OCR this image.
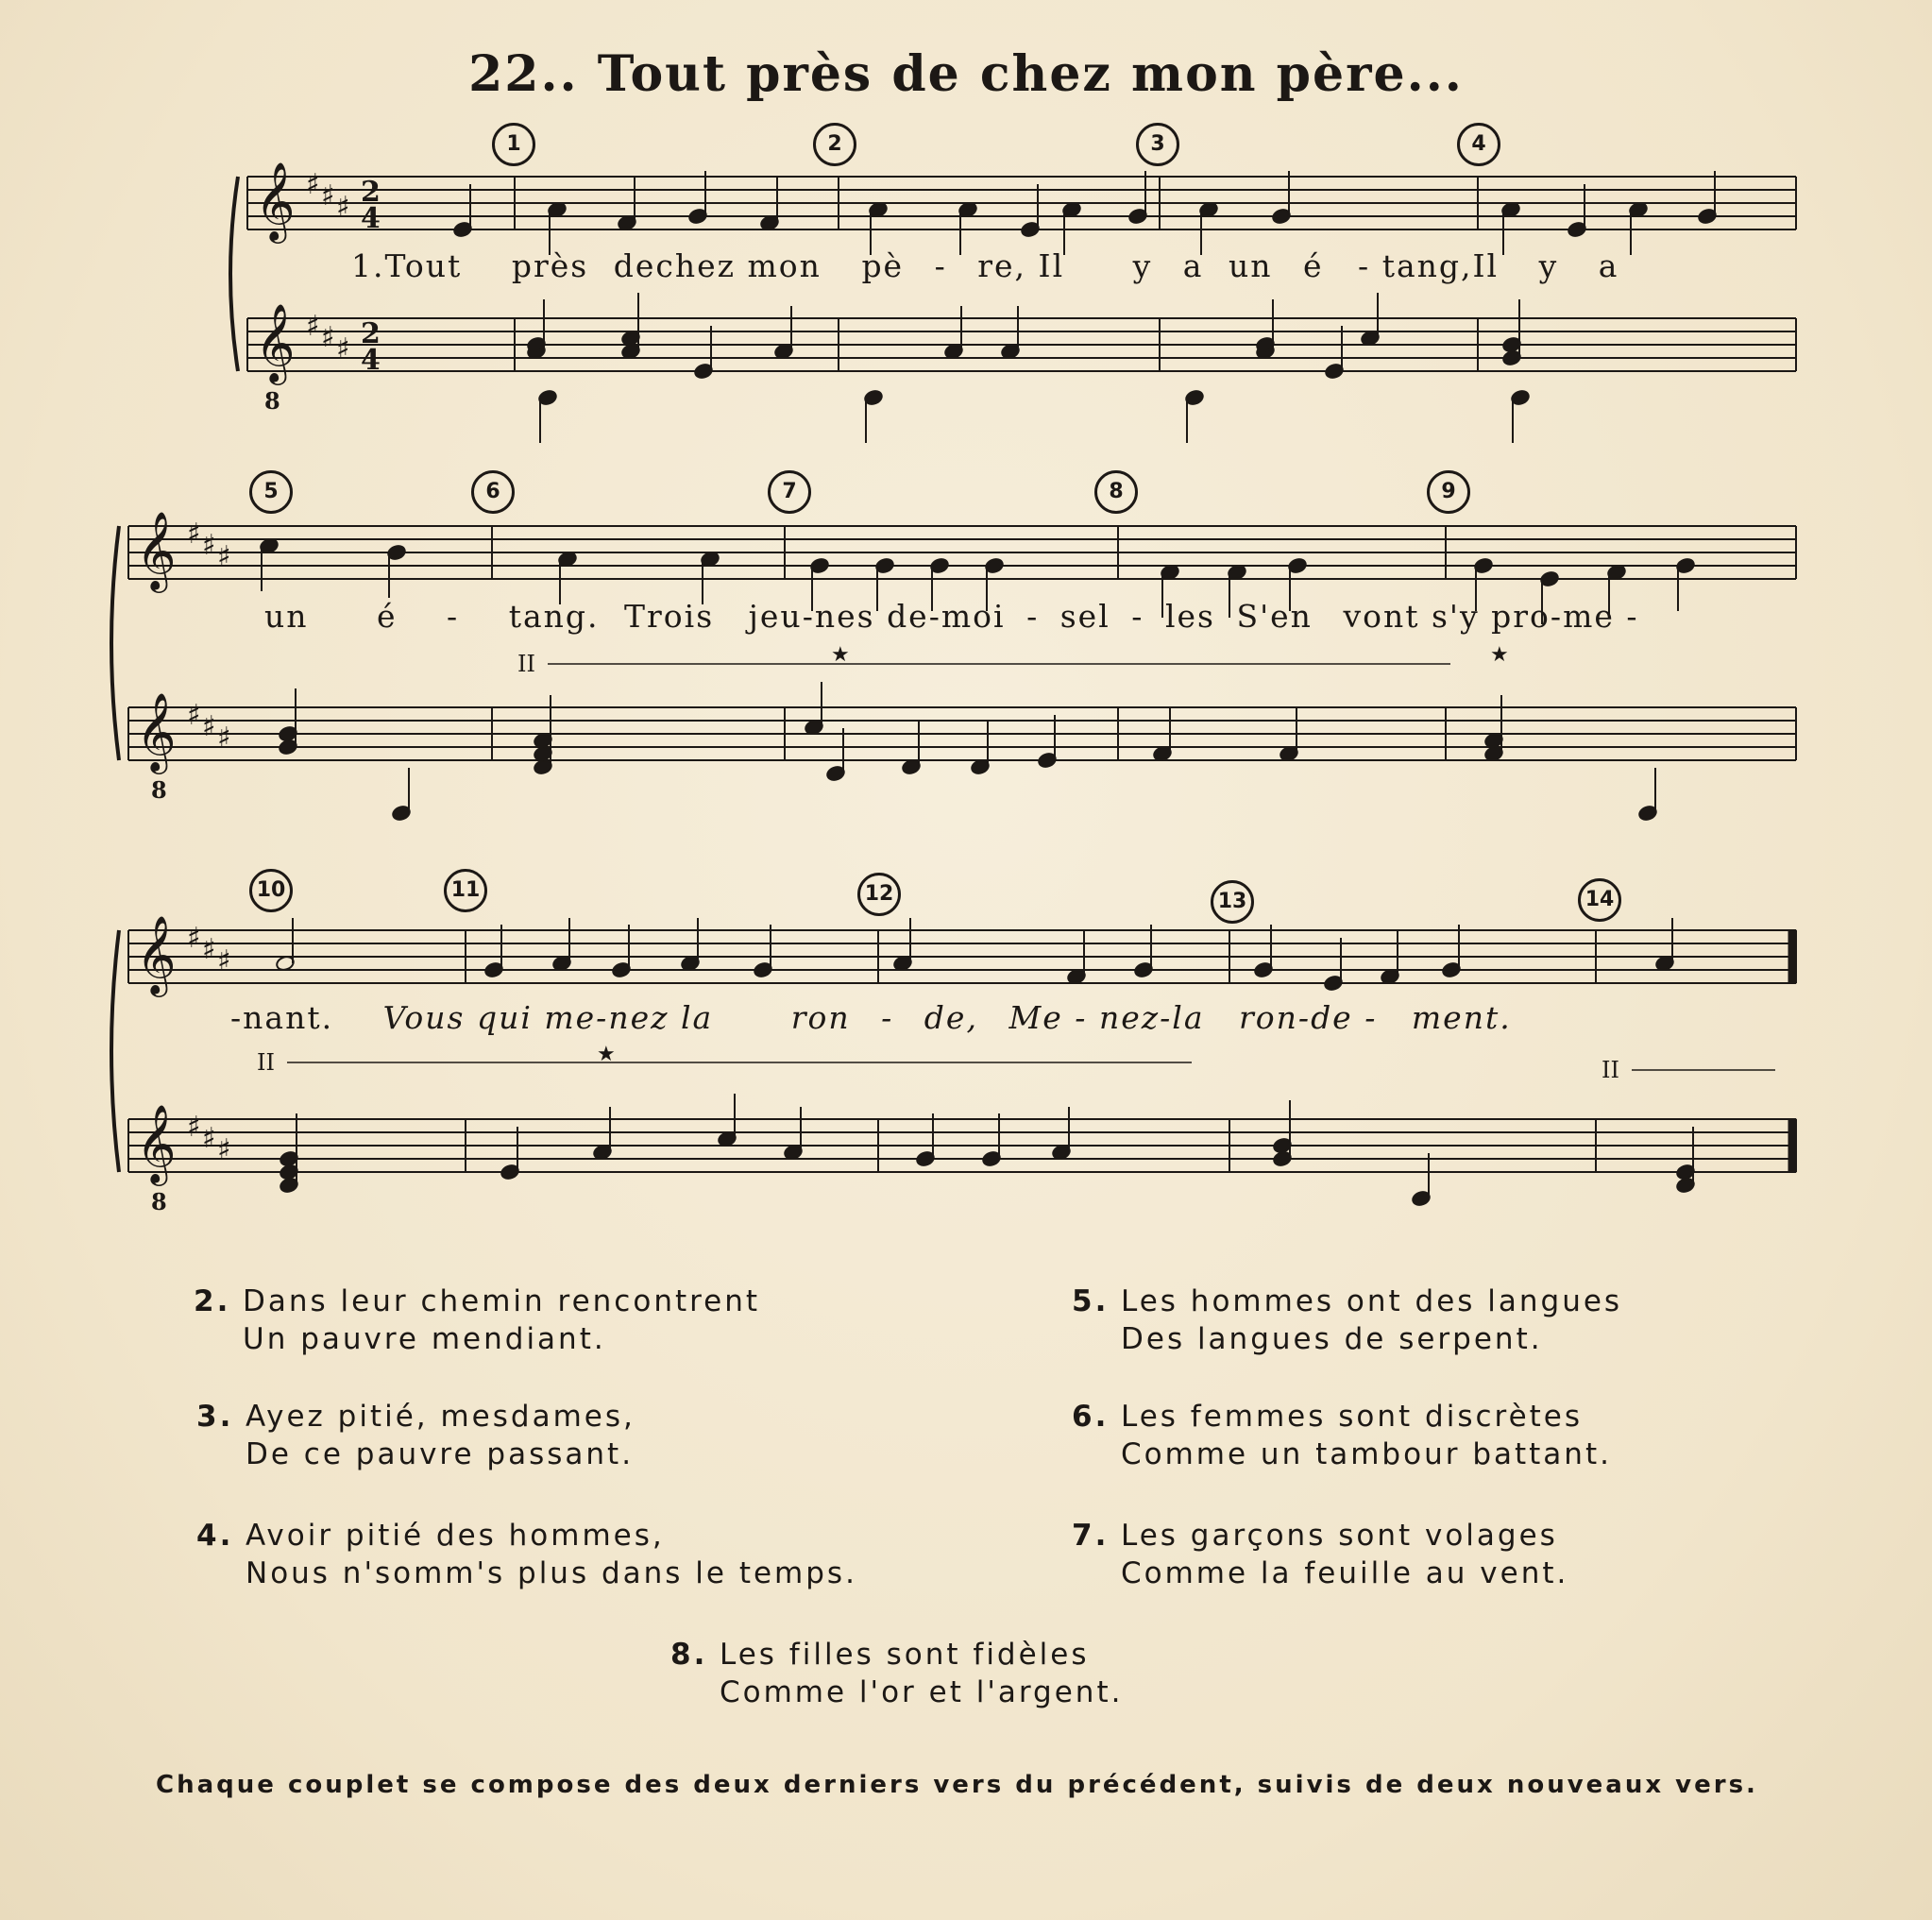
22.. Tout près de chez mon père...
𝄞 ♯ ♯ ♯
𝄞 ♯ ♯ ♯
8
𝄞 ♯ ♯ ♯
𝄞 ♯ ♯ ♯
8
𝄞 ♯ ♯ ♯
𝄞 ♯ ♯ ♯
8
2
4
2
4
II
II	II
★	★
★
1	2	3	4
5	6	7	8	9
10	11	12	13	14
1.Tout près dechez mon pè - re, Il y a un é - tang,Il y a
un é - tang. Trois jeu-nes de-moi - sel - les S'en vont s'y pro-me -
-nant. Vous qui me-nez la	ron - de, Me - nez-la ron-de - ment.
2. Dans leur chemin rencontrent
Un pauvre mendiant.
3. Ayez pitié, mesdames,
De ce pauvre passant.
4. Avoir pitié des hommes,
Nous n'somm's plus dans le temps.
5. Les hommes ont des langues
Des langues de serpent.
6. Les femmes sont discrètes
Comme un tambour battant.
7. Les garçons sont volages
Comme la feuille au vent.
8. Les filles sont fidèles
Comme l'or et l'argent.
Chaque couplet se compose des deux derniers vers du précédent, suivis de deux nouveaux vers.
